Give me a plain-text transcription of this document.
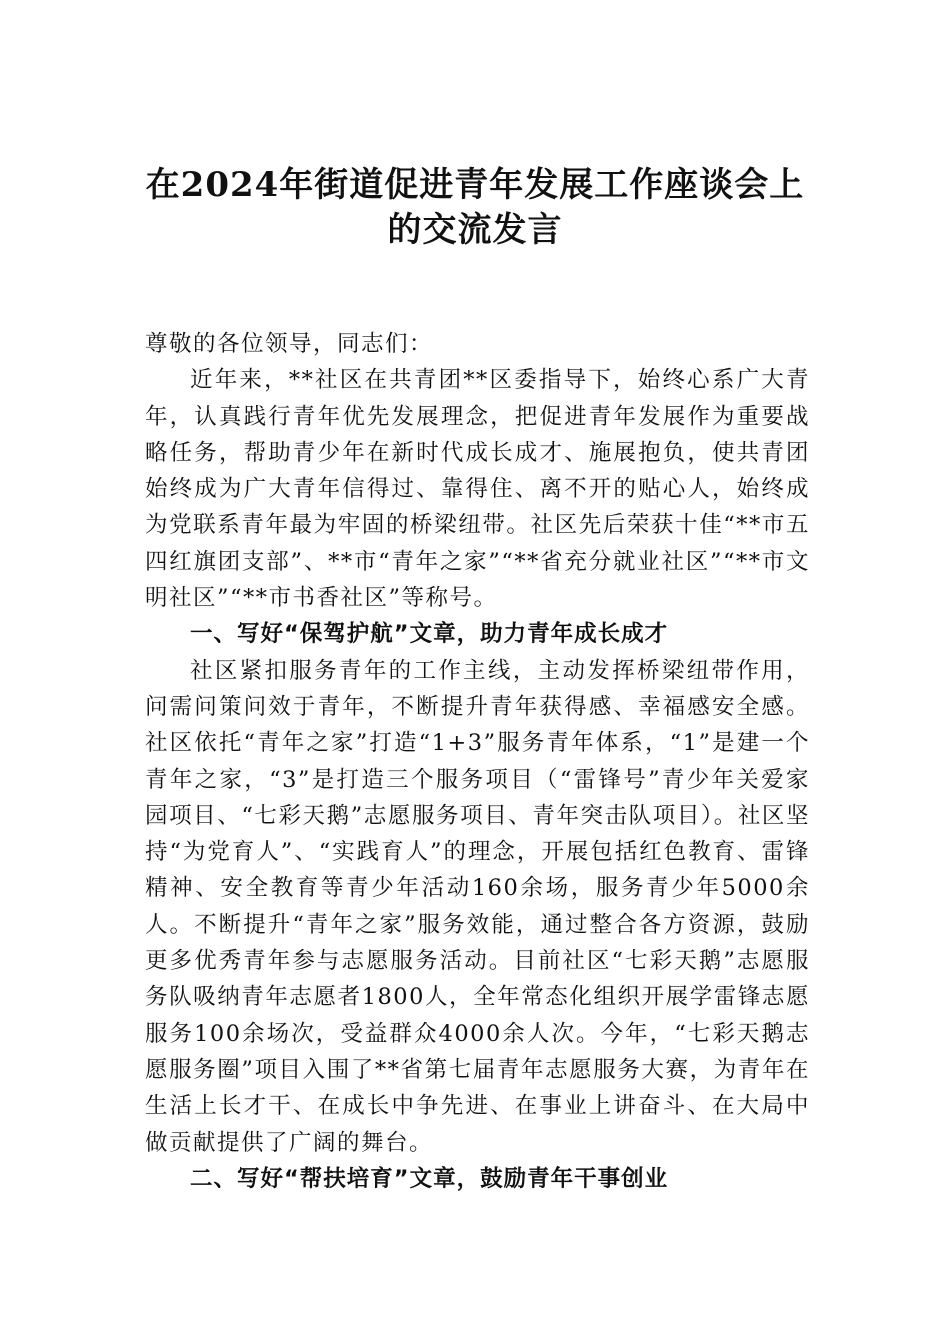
在2024年街道促进青年发展工作座谈会上
的交流发言

尊敬的各位领导，同志们：

近年来，**社区在共青团**区委指导下，始终心系广大青年，认真践行青年优先发展理念，把促进青年发展作为重要战略任务，帮助青少年在新时代成长成才、施展抱负，使共青团始终成为广大青年信得过、靠得住、离不开的贴心人，始终成为党联系青年最为牢固的桥梁纽带。社区先后荣获十佳“**市五四红旗团支部”、**市“青年之家”“**省充分就业社区”“**市文明社区”“**市书香社区”等称号。

一、写好“保驾护航”文章，助力青年成长成才

社区紧扣服务青年的工作主线，主动发挥桥梁纽带作用，问需问策问效于青年，不断提升青年获得感、幸福感安全感。社区依托“青年之家”打造“1+3”服务青年体系，“1”是建一个青年之家，“3”是打造三个服务项目（“雷锋号”青少年关爱家园项目、“七彩天鹅”志愿服务项目、青年突击队项目）。社区坚持“为党育人”、“实践育人”的理念，开展包括红色教育、雷锋精神、安全教育等青少年活动160余场，服务青少年5000余人。不断提升“青年之家”服务效能，通过整合各方资源，鼓励更多优秀青年参与志愿服务活动。目前社区“七彩天鹅”志愿服务队吸纳青年志愿者1800人，全年常态化组织开展学雷锋志愿服务100余场次，受益群众4000余人次。今年，“七彩天鹅志愿服务圈”项目入围了**省第七届青年志愿服务大赛，为青年在生活上长才干、在成长中争先进、在事业上讲奋斗、在大局中做贡献提供了广阔的舞台。

二、写好“帮扶培育”文章，鼓励青年干事创业
